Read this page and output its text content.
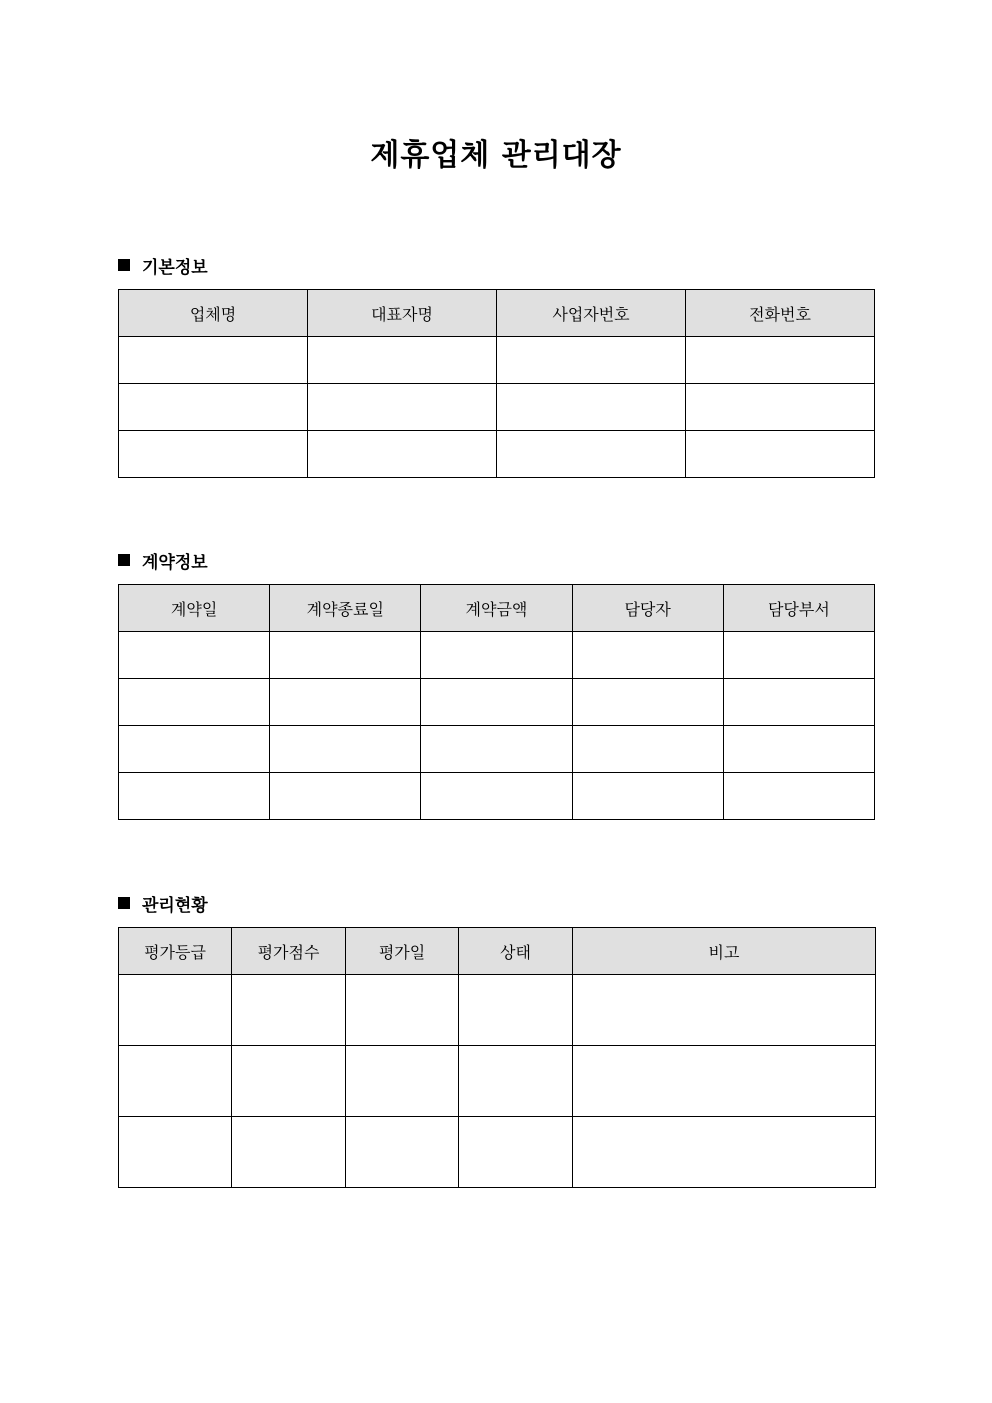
제휴업체 관리대장
기본정보
업체명	대표자명	사업자번호	전화번호

계약정보
계약일	계약종료일	계약금액	담당자	담당부서

관리현황
평가등급	평가점수	평가일	상태	비고
